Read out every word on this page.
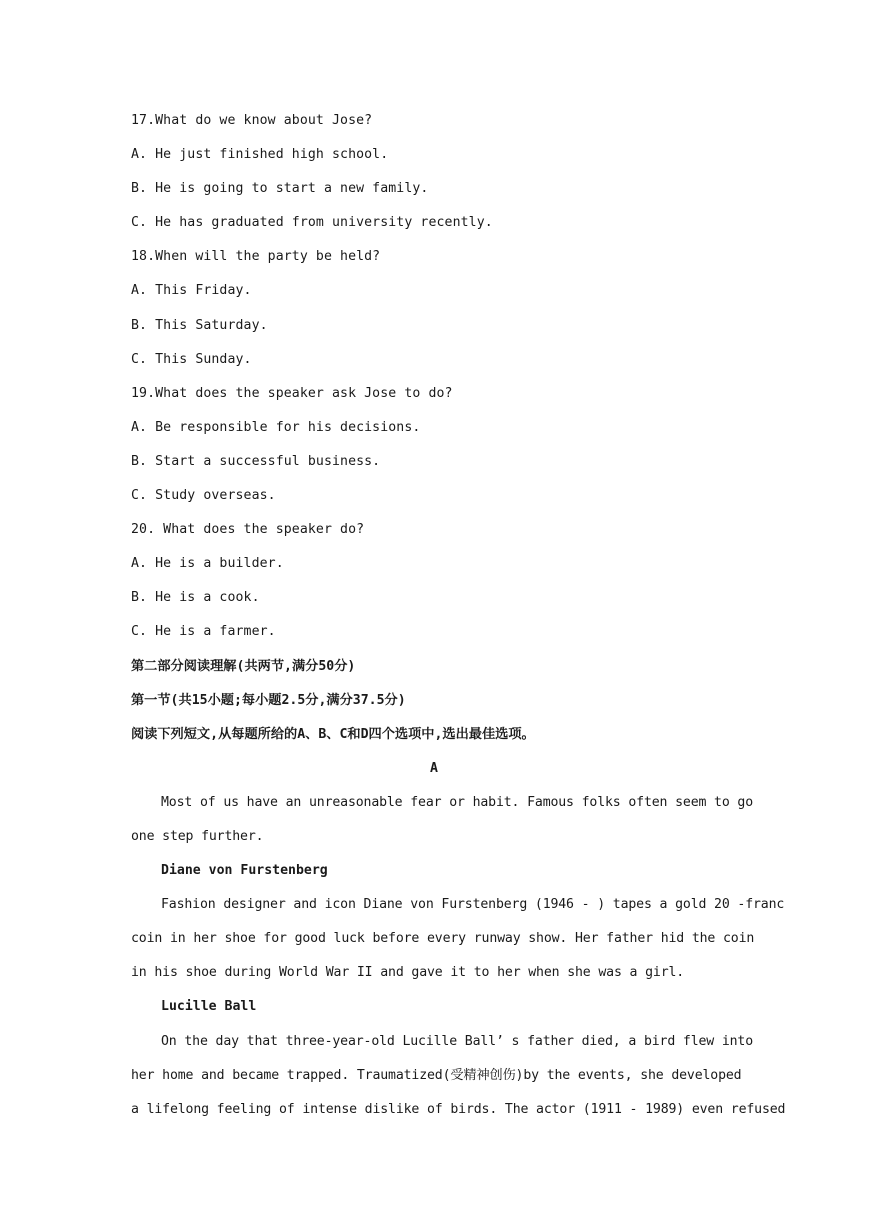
17.What do we know about Jose?
A. He just finished high school.
B. He is going to start a new family.
C. He has graduated from university recently.
18.When will the party be held?
A. This Friday.
B. This Saturday.
C. This Sunday.
19.What does the speaker ask Jose to do?
A. Be responsible for his decisions.
B. Start a successful business.
C. Study overseas.
20. What does the speaker do?
A. He is a builder.
B. He is a cook.
C. He is a farmer.
第二部分阅读理解(共两节,满分50分)
第一节(共15小题;每小题2.5分,满分37.5分)
阅读下列短文,从每题所给的A、B、C和D四个选项中,选出最佳选项。
A
Most of us have an unreasonable fear or habit. Famous folks often seem to go
one step further.
Diane von Furstenberg
Fashion designer and icon Diane von Furstenberg (1946 - ) tapes a gold 20 -franc
coin in her shoe for good luck before every runway show. Her father hid the coin
in his shoe during World War II and gave it to her when she was a girl.
Lucille Ball
On the day that three-year-old Lucille Ball’ s father died, a bird flew into
her home and became trapped. Traumatized(受精神创伤)by the events, she developed
a lifelong feeling of intense dislike of birds. The actor (1911 - 1989) even refused
